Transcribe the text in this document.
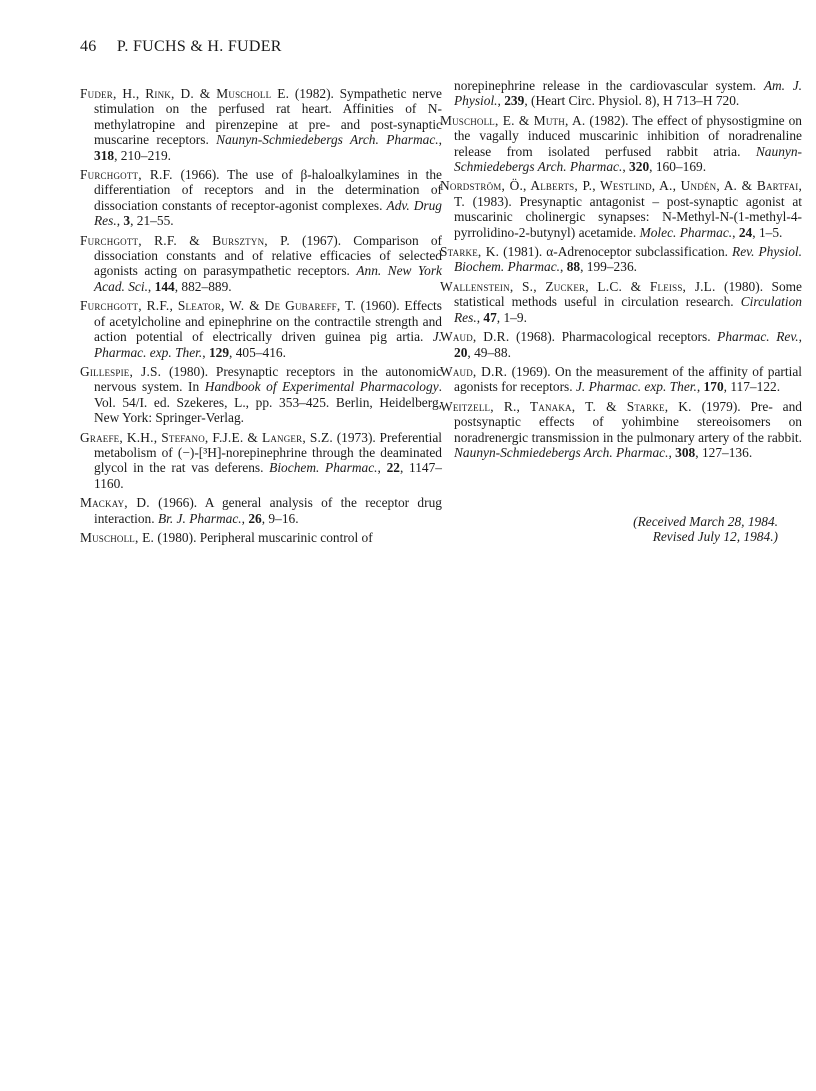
46 P. FUCHS & H. FUDER

Fuder, H., Rink, D. & Muscholl E. (1982). Sympathetic nerve stimulation on the perfused rat heart. Affinities of N-methylatropine and pirenzepine at pre- and post-synaptic muscarine receptors. Naunyn-Schmiedebergs Arch. Pharmac., 318, 210–219.

Furchgott, R.F. (1966). The use of β-haloalkylamines in the differentiation of receptors and in the determination of dissociation constants of receptor-agonist complexes. Adv. Drug Res., 3, 21–55.

Furchgott, R.F. & Bursztyn, P. (1967). Comparison of dissociation constants and of relative efficacies of selected agonists acting on parasympathetic receptors. Ann. New York Acad. Sci., 144, 882–889.

Furchgott, R.F., Sleator, W. & De Gubareff, T. (1960). Effects of acetylcholine and epinephrine on the contractile strength and action potential of electrically driven guinea pig artia. J. Pharmac. exp. Ther., 129, 405–416.

Gillespie, J.S. (1980). Presynaptic receptors in the autonomic nervous system. In Handbook of Experimental Pharmacology. Vol. 54/I. ed. Szekeres, L., pp. 353–425. Berlin, Heidelberg, New York: Springer-Verlag.

Graefe, K.H., Stefano, F.J.E. & Langer, S.Z. (1973). Preferential metabolism of (−)-[³H]-norepinephrine through the deaminated glycol in the rat vas deferens. Biochem. Pharmac., 22, 1147–1160.

Mackay, D. (1966). A general analysis of the receptor drug interaction. Br. J. Pharmac., 26, 9–16.

Muscholl, E. (1980). Peripheral muscarinic control of

norepinephrine release in the cardiovascular system. Am. J. Physiol., 239, (Heart Circ. Physiol. 8), H 713–H 720.

Muscholl, E. & Muth, A. (1982). The effect of physostigmine on the vagally induced muscarinic inhibition of noradrenaline release from isolated perfused rabbit atria. Naunyn-Schmiedebergs Arch. Pharmac., 320, 160–169.

Nordström, Ö., Alberts, P., Westlind, A., Undén, A. & Bartfai, T. (1983). Presynaptic antagonist – post-synaptic agonist at muscarinic cholinergic synapses: N-Methyl-N-(1-methyl-4-pyrrolidino-2-butynyl) acetamide. Molec. Pharmac., 24, 1–5.

Starke, K. (1981). α-Adrenoceptor subclassification. Rev. Physiol. Biochem. Pharmac., 88, 199–236.

Wallenstein, S., Zucker, L.C. & Fleiss, J.L. (1980). Some statistical methods useful in circulation research. Circulation Res., 47, 1–9.

Waud, D.R. (1968). Pharmacological receptors. Pharmac. Rev., 20, 49–88.

Waud, D.R. (1969). On the measurement of the affinity of partial agonists for receptors. J. Pharmac. exp. Ther., 170, 117–122.

Weitzell, R., Tanaka, T. & Starke, K. (1979). Pre- and postsynaptic effects of yohimbine stereoisomers on noradrenergic transmission in the pulmonary artery of the rabbit. Naunyn-Schmiedebergs Arch. Pharmac., 308, 127–136.

(Received March 28, 1984.
Revised July 12, 1984.)
